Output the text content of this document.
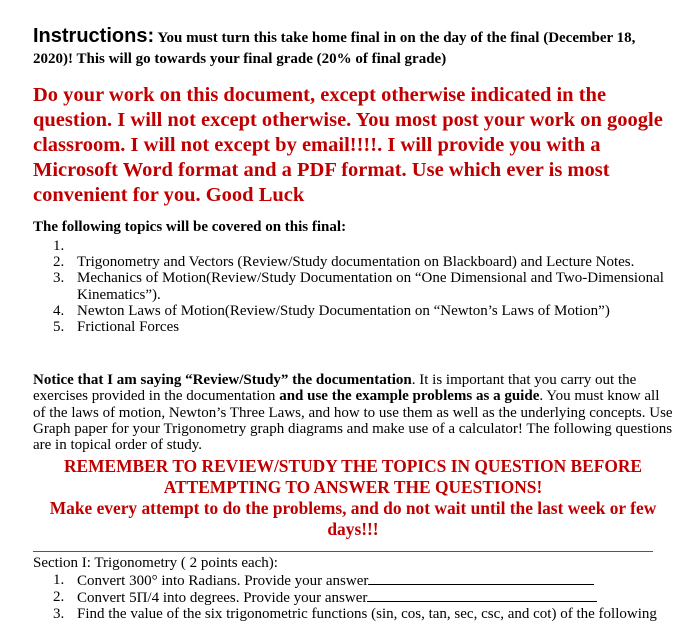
Instructions: You must turn this take home final in on the day of the final (December 18, 2020)! This will go towards your final grade (20% of final grade)
Do your work on this document, except otherwise indicated in the question. I will not except otherwise. You most post your work on google classroom. I will not except by email!!!!. I will provide you with a Microsoft Word format and a PDF format. Use which ever is most convenient for you. Good Luck
The following topics will be covered on this final:
1.

2. Trigonometry and Vectors (Review/Study documentation on Blackboard) and Lecture Notes.
3. Mechanics of Motion(Review/Study Documentation on “One Dimensional and Two-Dimensional Kinematics”).
4. Newton Laws of Motion(Review/Study Documentation on “Newton’s Laws of Motion”)
5. Frictional Forces
Notice that I am saying “Review/Study” the documentation. It is important that you carry out the exercises provided in the documentation and use the example problems as a guide. You must know all of the laws of motion, Newton’s Three Laws, and how to use them as well as the underlying concepts. Use Graph paper for your Trigonometry graph diagrams and make use of a calculator! The following questions are in topical order of study.
REMEMBER TO REVIEW/STUDY THE TOPICS IN QUESTION BEFORE ATTEMPTING TO ANSWER THE QUESTIONS!
Make every attempt to do the problems, and do not wait until the last week or few days!!!
Section I: Trigonometry ( 2 points each):
1. Convert 300° into Radians. Provide your answer
2. Convert 5Π/4 into degrees. Provide your answer
3. Find the value of the six trigonometric functions (sin, cos, tan, sec, csc, and cot) of the following
